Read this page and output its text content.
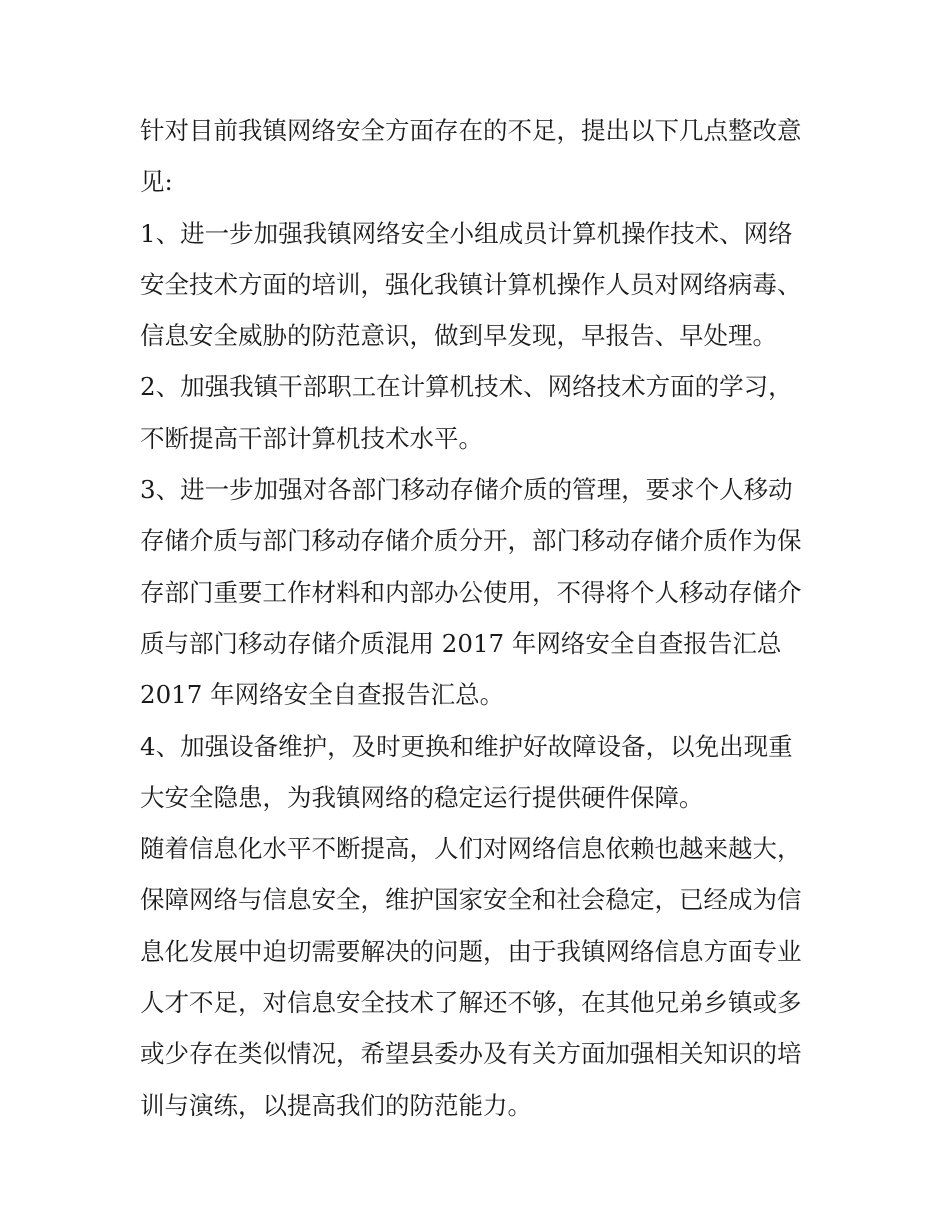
针对目前我镇网络安全方面存在的不足，提出以下几点整改意
见:
1、进一步加强我镇网络安全小组成员计算机操作技术、网络
安全技术方面的培训，强化我镇计算机操作人员对网络病毒、
信息安全威胁的防范意识，做到早发现，早报告、早处理。
2、加强我镇干部职工在计算机技术、网络技术方面的学习，
不断提高干部计算机技术水平。
3、进一步加强对各部门移动存储介质的管理，要求个人移动
存储介质与部门移动存储介质分开，部门移动存储介质作为保
存部门重要工作材料和内部办公使用，不得将个人移动存储介
质与部门移动存储介质混用 2017 年网络安全自查报告汇总
2017 年网络安全自查报告汇总。
4、加强设备维护，及时更换和维护好故障设备，以免出现重
大安全隐患，为我镇网络的稳定运行提供硬件保障。
随着信息化水平不断提高，人们对网络信息依赖也越来越大，
保障网络与信息安全，维护国家安全和社会稳定，已经成为信
息化发展中迫切需要解决的问题，由于我镇网络信息方面专业
人才不足，对信息安全技术了解还不够，在其他兄弟乡镇或多
或少存在类似情况，希望县委办及有关方面加强相关知识的培
训与演练，以提高我们的防范能力。
